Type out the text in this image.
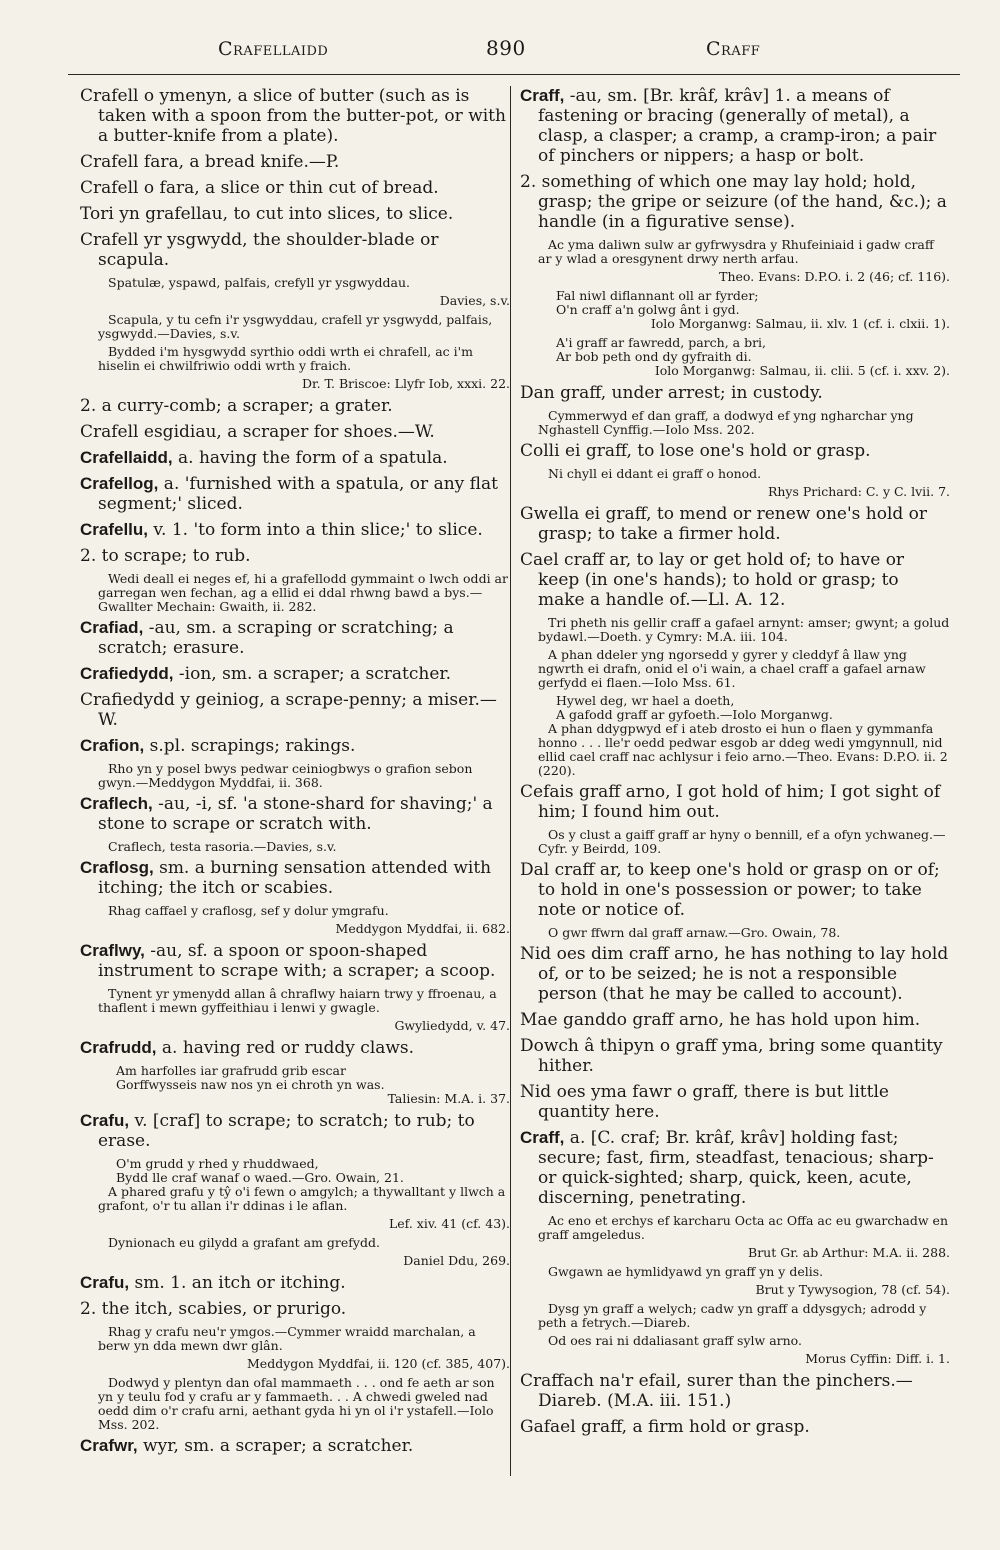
Crafellaidd	890	Craff

Crafell o ymenyn, a slice of butter (such as is taken with a spoon from the butter-pot, or with a butter-knife from a plate).

Crafell fara, a bread knife.—P.

Crafell o fara, a slice or thin cut of bread.

Tori yn grafellau, to cut into slices, to slice.

Crafell yr ysgwydd, the shoulder-blade or scapula.

Spatulæ, yspawd, palfais, crefyll yr ysgwyddau.

Davies, s.v.

Scapula, y tu cefn i'r ysgwyddau, crafell yr ysgwydd, palfais, ysgwydd.—Davies, s.v.

Bydded i'm hysgwydd syrthio oddi wrth ei chrafell, ac i'm hiselin ei chwilfriwio oddi wrth y fraich.

Dr. T. Briscoe: Llyfr Iob, xxxi. 22.

2. a curry-comb; a scraper; a grater.

Crafell esgidiau, a scraper for shoes.—W.

Crafellaidd, a. having the form of a spatula.

Crafellog, a. 'furnished with a spatula, or any flat segment;' sliced.

Crafellu, v. 1. 'to form into a thin slice;' to slice.

2. to scrape; to rub.

Wedi deall ei neges ef, hi a grafellodd gymmaint o lwch oddi ar garregan wen fechan, ag a ellid ei ddal rhwng bawd a bys.—Gwallter Mechain: Gwaith, ii. 282.

Crafiad, -au, sm. a scraping or scratching; a scratch; erasure.

Crafiedydd, -ion, sm. a scraper; a scratcher.

Crafiedydd y geiniog, a scrape-penny; a miser.—W.

Crafion, s.pl. scrapings; rakings.

Rho yn y posel bwys pedwar ceiniogbwys o grafion sebon gwyn.—Meddygon Myddfai, ii. 368.

Craflech, -au, -i, sf. 'a stone-shard for shaving;' a stone to scrape or scratch with.

Craflech, testa rasoria.—Davies, s.v.

Craflosg, sm. a burning sensation attended with itching; the itch or scabies.

Rhag caffael y craflosg, sef y dolur ymgrafu.

Meddygon Myddfai, ii. 682.

Craflwy, -au, sf. a spoon or spoon-shaped instrument to scrape with; a scraper; a scoop.

Tynent yr ymenydd allan â chraflwy haiarn trwy y ffroenau, a thaflent i mewn gyffeithiau i lenwi y gwagle.

Gwyliedydd, v. 47.

Crafrudd, a. having red or ruddy claws.

Am harfolles iar grafrudd grib escar

Gorffwysseis naw nos yn ei chroth yn was.

Taliesin: M.A. i. 37.

Crafu, v. [craf] to scrape; to scratch; to rub; to erase.

O'm grudd y rhed y rhuddwaed,

Bydd lle craf wanaf o waed.—Gro. Owain, 21.

A phared grafu y tŷ o'i fewn o amgylch; a thywalltant y llwch a grafont, o'r tu allan i'r ddinas i le aflan.

Lef. xiv. 41 (cf. 43).

Dynionach eu gilydd a grafant am grefydd.

Daniel Ddu, 269.

Crafu, sm. 1. an itch or itching.

2. the itch, scabies, or prurigo.

Rhag y crafu neu'r ymgos.—Cymmer wraidd marchalan, a berw yn dda mewn dwr glân.

Meddygon Myddfai, ii. 120 (cf. 385, 407).

Dodwyd y plentyn dan ofal mammaeth . . . ond fe aeth ar son yn y teulu fod y crafu ar y fammaeth. . . A chwedi gweled nad oedd dim o'r crafu arni, aethant gyda hi yn ol i'r ystafell.—Iolo Mss. 202.

Crafwr, wyr, sm. a scraper; a scratcher.

Craff, -au, sm. [Br. krâf, krâv] 1. a means of fastening or bracing (generally of metal), a clasp, a clasper; a cramp, a cramp-iron; a pair of pinchers or nippers; a hasp or bolt.

2. something of which one may lay hold; hold, grasp; the gripe or seizure (of the hand, &c.); a handle (in a figurative sense).

Ac yma daliwn sulw ar gyfrwysdra y Rhufeiniaid i gadw craff ar y wlad a oresgynent drwy nerth arfau.

Theo. Evans: D.P.O. i. 2 (46; cf. 116).

Fal niwl diflannant oll ar fyrder;

O'n craff a'n golwg ânt i gyd.

Iolo Morganwg: Salmau, ii. xlv. 1 (cf. i. clxii. 1).

A'i graff ar fawredd, parch, a bri,

Ar bob peth ond dy gyfraith di.

Iolo Morganwg: Salmau, ii. clii. 5 (cf. i. xxv. 2).

Dan graff, under arrest; in custody.

Cymmerwyd ef dan graff, a dodwyd ef yng ngharchar yng Nghastell Cynffig.—Iolo Mss. 202.

Colli ei graff, to lose one's hold or grasp.

Ni chyll ei ddant ei graff o honod.

Rhys Prichard: C. y C. lvii. 7.

Gwella ei graff, to mend or renew one's hold or grasp; to take a firmer hold.

Cael craff ar, to lay or get hold of; to have or keep (in one's hands); to hold or grasp; to make a handle of.—Ll. A. 12.

Tri pheth nis gellir craff a gafael arnynt: amser; gwynt; a golud bydawl.—Doeth. y Cymry: M.A. iii. 104.

A phan ddeler yng ngorsedd y gyrer y cleddyf â llaw yng ngwrth ei drafn, onid el o'i wain, a chael craff a gafael arnaw gerfydd ei flaen.—Iolo Mss. 61.

Hywel deg, wr hael a doeth,

A gafodd graff ar gyfoeth.—Iolo Morganwg.

A phan ddygpwyd ef i ateb drosto ei hun o flaen y gymmanfa honno . . . lle'r oedd pedwar esgob ar ddeg wedi ymgynnull, nid ellid cael craff nac achlysur i feio arno.—Theo. Evans: D.P.O. ii. 2 (220).

Cefais graff arno, I got hold of him; I got sight of him; I found him out.

Os y clust a gaiff graff ar hyny o bennill, ef a ofyn ychwaneg.—Cyfr. y Beirdd, 109.

Dal craff ar, to keep one's hold or grasp on or of; to hold in one's possession or power; to take note or notice of.

O gwr ffwrn dal graff arnaw.—Gro. Owain, 78.

Nid oes dim craff arno, he has nothing to lay hold of, or to be seized; he is not a responsible person (that he may be called to account).

Mae ganddo graff arno, he has hold upon him.

Dowch â thipyn o graff yma, bring some quantity hither.

Nid oes yma fawr o graff, there is but little quantity here.

Craff, a. [C. craf; Br. krâf, krâv] holding fast; secure; fast, firm, steadfast, tenacious; sharp- or quick-sighted; sharp, quick, keen, acute, discerning, penetrating.

Ac eno et erchys ef karcharu Octa ac Offa ac eu gwarchadw en graff amgeledus.

Brut Gr. ab Arthur: M.A. ii. 288.

Gwgawn ae hymlidyawd yn graff yn y delis.

Brut y Tywysogion, 78 (cf. 54).

Dysg yn graff a welych; cadw yn graff a ddysgych; adrodd y peth a fetrych.—Diareb.

Od oes rai ni ddaliasant graff sylw arno.

Morus Cyffin: Diff. i. 1.

Craffach na'r efail, surer than the pinchers.—Diareb. (M.A. iii. 151.)

Gafael graff, a firm hold or grasp.
